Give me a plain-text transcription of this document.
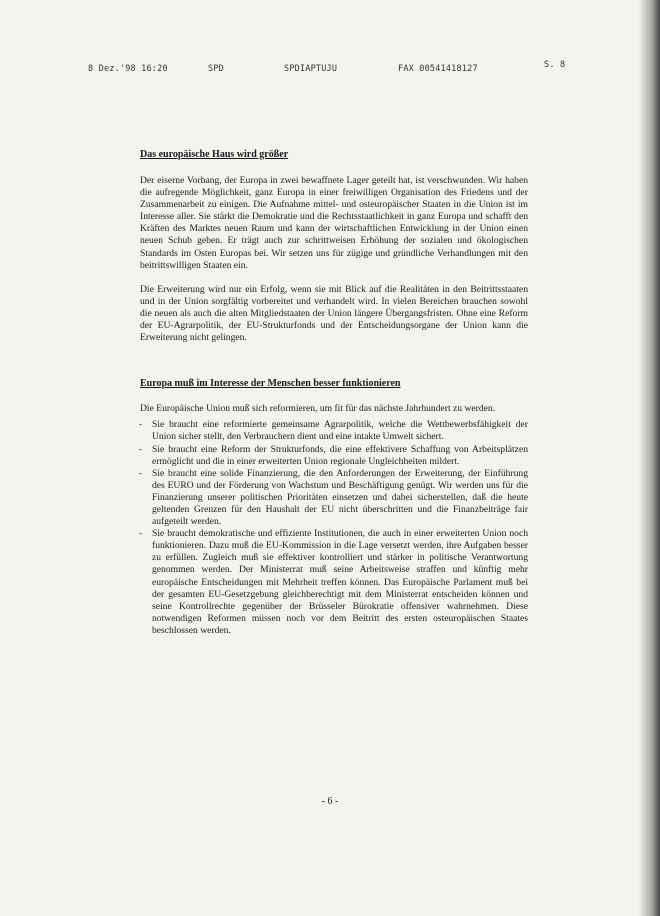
8 Dez.'98 16:20	SPD	SPDIAPTUJU	FAX 00541418127	S. 8
Das europäische Haus wird größer

Der eiserne Vorhang, der Europa in zwei bewaffnete Lager geteilt hat, ist verschwunden. Wir haben die aufregende Möglichkeit, ganz Europa in einer freiwilligen Organisation des Friedens und der Zusammenarbeit zu einigen. Die Aufnahme mittel- und osteuropäischer Staaten in die Union ist im Interesse aller. Sie stärkt die Demokratie und die Rechtsstaatlichkeit in ganz Europa und schafft den Kräften des Marktes neuen Raum und kann der wirtschaftlichen Entwicklung in der Union einen neuen Schub geben. Er trägt auch zur schrittweisen Erhöhung der sozialen und ökologischen Standards im Osten Europas bei. Wir setzen uns für zügige und gründliche Verhandlungen mit den beitrittswilligen Staaten ein.

Die Erweiterung wird nur ein Erfolg, wenn sie mit Blick auf die Realitäten in den Beitrittsstaaten und in der Union sorgfältig vorbereitet und verhandelt wird. In vielen Bereichen brauchen sowohl die neuen als auch die alten Mitgliedstaaten der Union längere Übergangsfristen. Ohne eine Reform der EU-Agrarpolitik, der EU-Strukturfonds und der Entscheidungsorgane der Union kann die Erweiterung nicht gelingen.

Europa muß im Interesse der Menschen besser funktionieren

Die Europäische Union muß sich reformieren, um fit für das nächste Jahrhundert zu werden.

- Sie braucht eine reformierte gemeinsame Agrarpolitik, welche die Wettbewerbsfähigkeit der Union sicher stellt, den Verbrauchern dient und eine intakte Umwelt sichert.
- Sie braucht eine Reform der Strukturfonds, die eine effektivere Schaffung von Arbeitsplätzen ermöglicht und die in einer erweiterten Union regionale Ungleichheiten mildert.
- Sie braucht eine solide Finanzierung, die den Anforderungen der Erweiterung, der Einführung des EURO und der Förderung von Wachstum und Beschäftigung genügt. Wir werden uns für die Finanzierung unserer politischen Prioritäten einsetzen und dabei sicherstellen, daß die heute geltenden Grenzen für den Haushalt der EU nicht überschritten und die Finanzbeiträge fair aufgeteilt werden.
- Sie braucht demokratische und effiziente Institutionen, die auch in einer erweiterten Union noch funktionieren. Dazu muß die EU-Kommission in die Lage versetzt werden, ihre Aufgaben besser zu erfüllen. Zugleich muß sie effektiver kontrolliert und stärker in politische Verantwortung genommen werden. Der Ministerrat muß seine Arbeitsweise straffen und künftig mehr europäische Entscheidungen mit Mehrheit treffen können. Das Europäische Parlament muß bei der gesamten EU-Gesetzgebung gleichberechtigt mit dem Ministerrat entscheiden können und seine Kontrollrechte gegenüber der Brüsseler Bürokratie offensiver wahrnehmen. Diese notwendigen Reformen müssen noch vor dem Beitritt des ersten osteuropäischen Staates beschlossen werden.
- 6 -
